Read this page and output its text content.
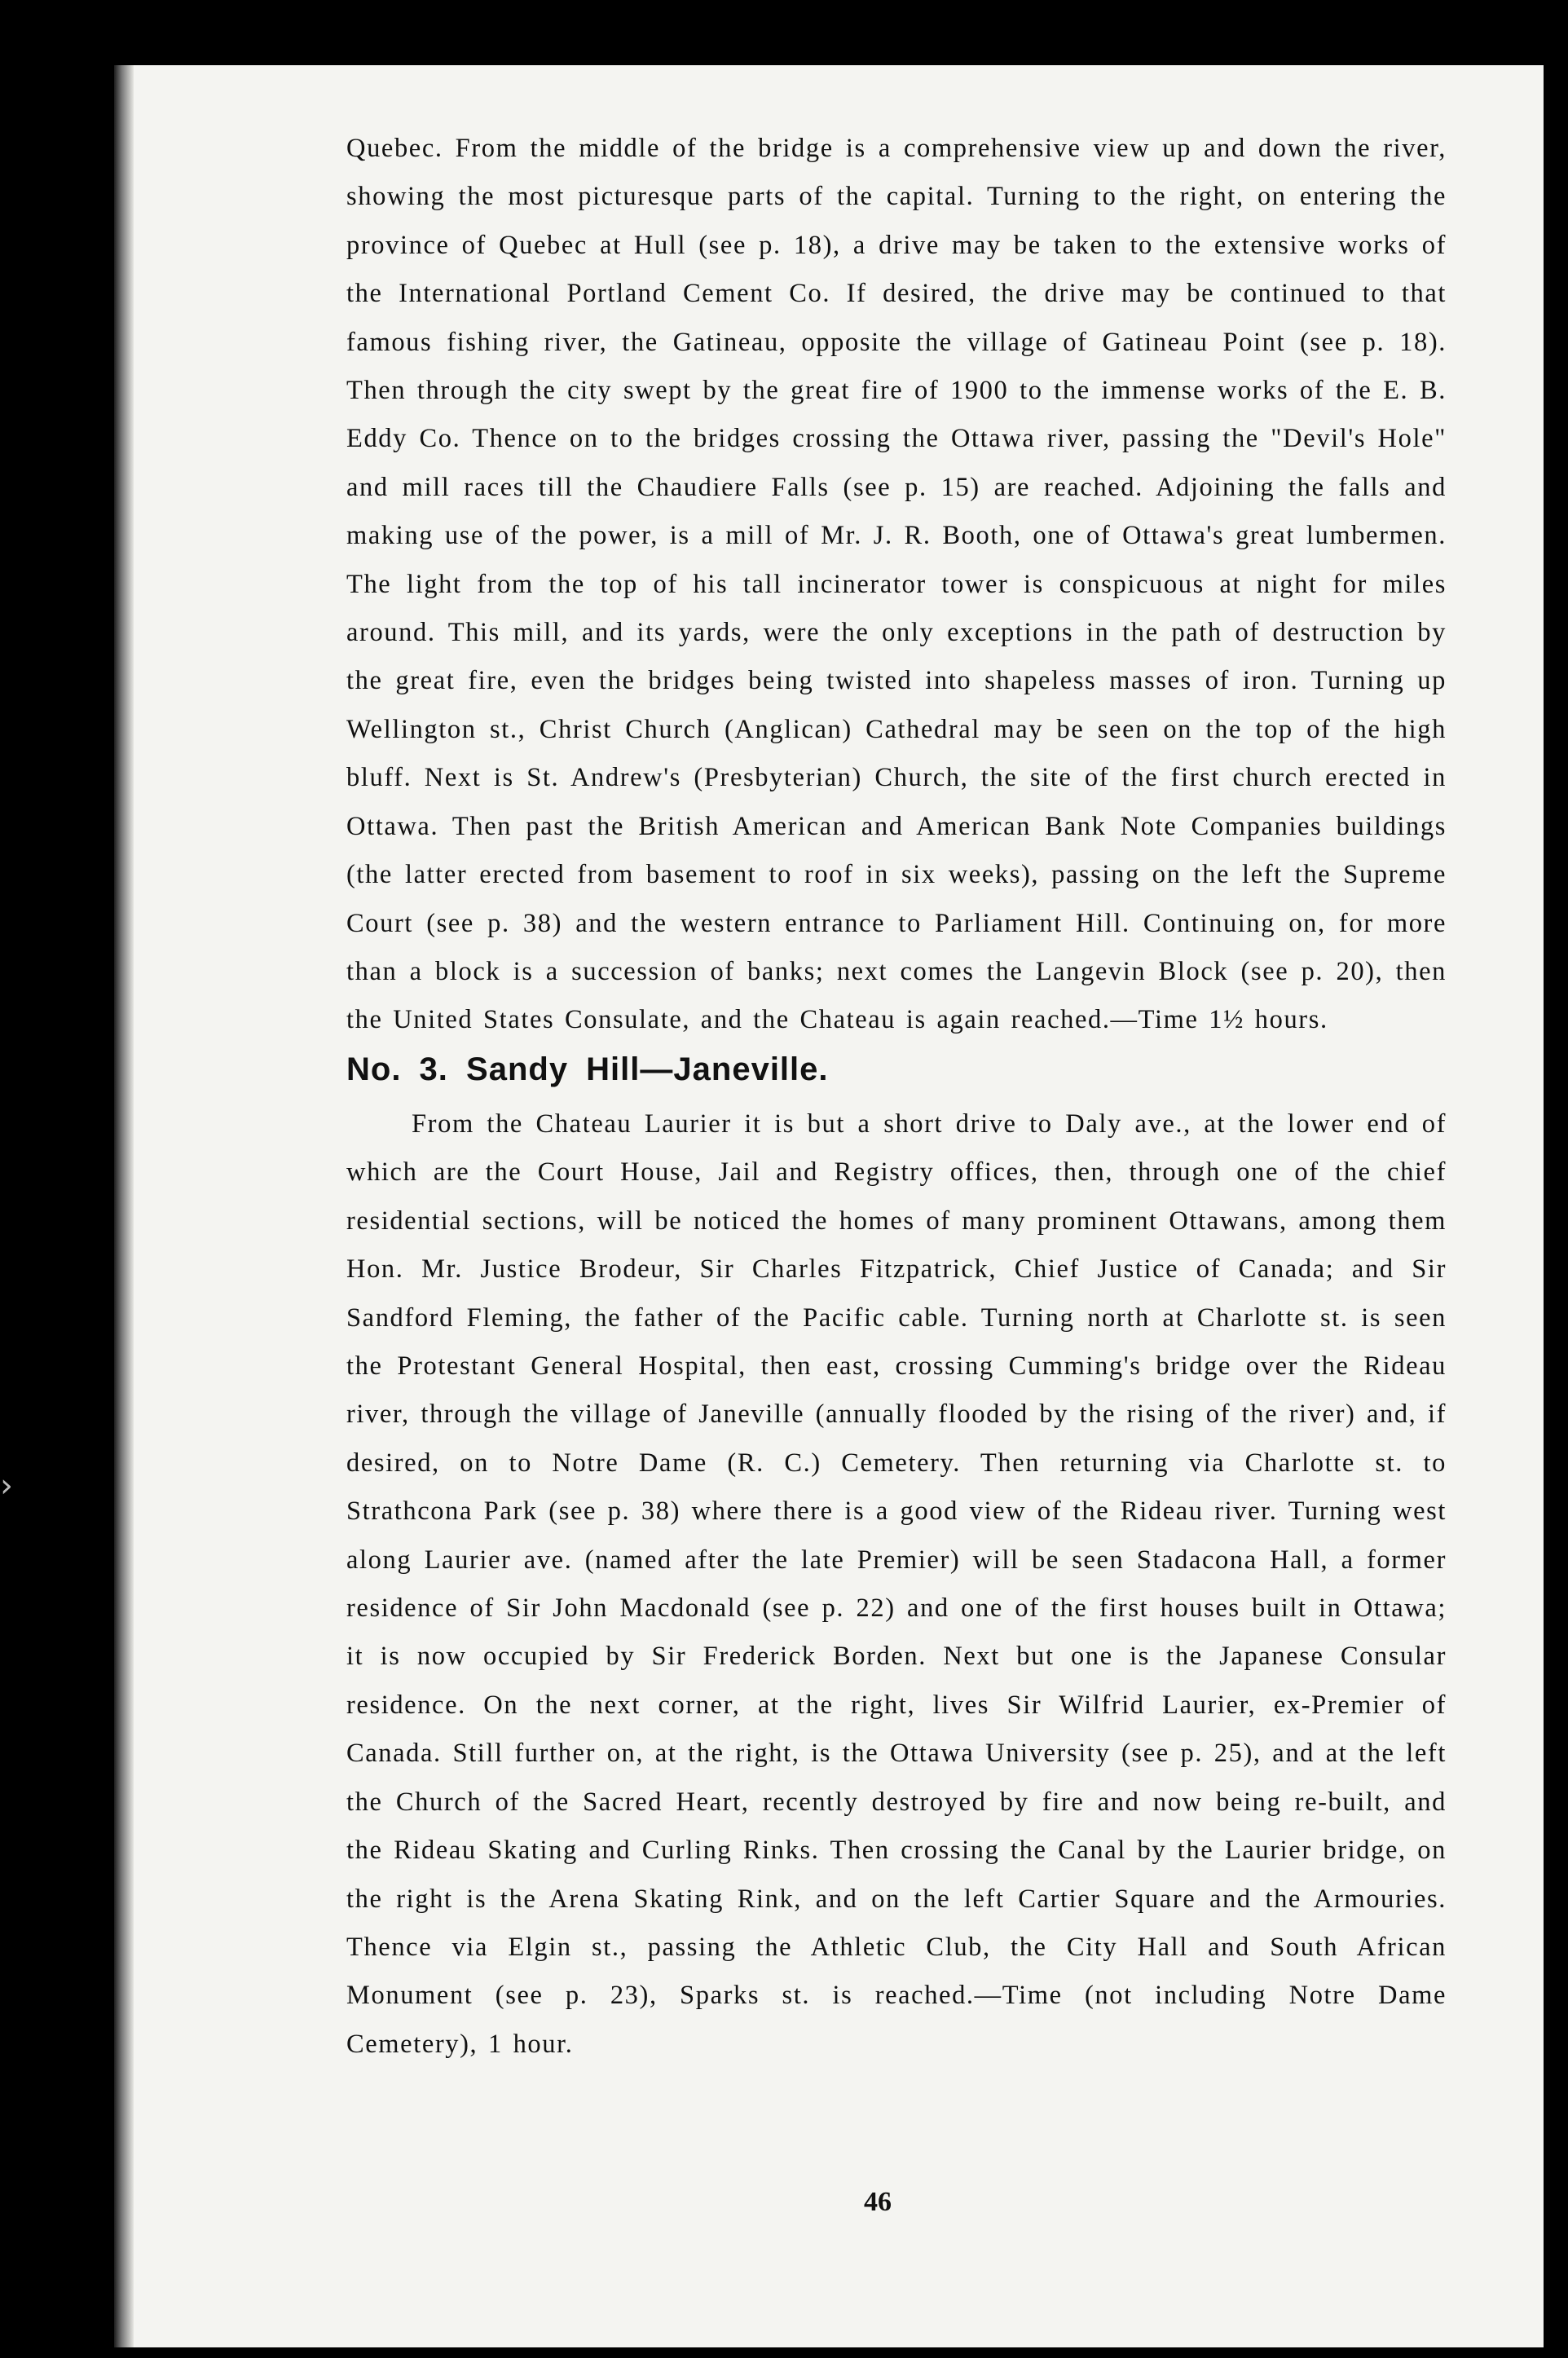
›
Quebec. From the middle of the bridge is a comprehensive view up and down the river, showing the most picturesque parts of the capital. Turning to the right, on entering the province of Quebec at Hull (see p. 18), a drive may be taken to the extensive works of the International Portland Cement Co. If desired, the drive may be continued to that famous fishing river, the Gatineau, opposite the village of Gatineau Point (see p. 18). Then through the city swept by the great fire of 1900 to the immense works of the E. B. Eddy Co. Thence on to the bridges crossing the Ottawa river, passing the "Devil's Hole" and mill races till the Chaudiere Falls (see p. 15) are reached. Adjoining the falls and making use of the power, is a mill of Mr. J. R. Booth, one of Ottawa's great lumbermen. The light from the top of his tall incinerator tower is conspicuous at night for miles around. This mill, and its yards, were the only exceptions in the path of destruction by the great fire, even the bridges being twisted into shapeless masses of iron. Turning up Wellington st., Christ Church (Anglican) Cathedral may be seen on the top of the high bluff. Next is St. Andrew's (Presbyterian) Church, the site of the first church erected in Ottawa. Then past the British American and American Bank Note Companies buildings (the latter erected from basement to roof in six weeks), passing on the left the Supreme Court (see p. 38) and the western entrance to Parliament Hill. Continuing on, for more than a block is a succession of banks; next comes the Langevin Block (see p. 20), then the United States Consulate, and the Chateau is again reached.—Time 1½ hours.
No. 3. Sandy Hill—Janeville.
From the Chateau Laurier it is but a short drive to Daly ave., at the lower end of which are the Court House, Jail and Registry offices, then, through one of the chief residential sections, will be noticed the homes of many prominent Ottawans, among them Hon. Mr. Justice Brodeur, Sir Charles Fitzpatrick, Chief Justice of Canada; and Sir Sandford Fleming, the father of the Pacific cable. Turning north at Charlotte st. is seen the Protestant General Hospital, then east, crossing Cumming's bridge over the Rideau river, through the village of Janeville (annually flooded by the rising of the river) and, if desired, on to Notre Dame (R. C.) Cemetery. Then returning via Charlotte st. to Strathcona Park (see p. 38) where there is a good view of the Rideau river. Turning west along Laurier ave. (named after the late Premier) will be seen Stadacona Hall, a former residence of Sir John Macdonald (see p. 22) and one of the first houses built in Ottawa; it is now occupied by Sir Frederick Borden. Next but one is the Japanese Consular residence. On the next corner, at the right, lives Sir Wilfrid Laurier, ex-Premier of Canada. Still further on, at the right, is the Ottawa University (see p. 25), and at the left the Church of the Sacred Heart, recently destroyed by fire and now being re-built, and the Rideau Skating and Curling Rinks. Then crossing the Canal by the Laurier bridge, on the right is the Arena Skating Rink, and on the left Cartier Square and the Armouries. Thence via Elgin st., passing the Athletic Club, the City Hall and South African Monument (see p. 23), Sparks st. is reached.—Time (not including Notre Dame Cemetery), 1 hour.
46
